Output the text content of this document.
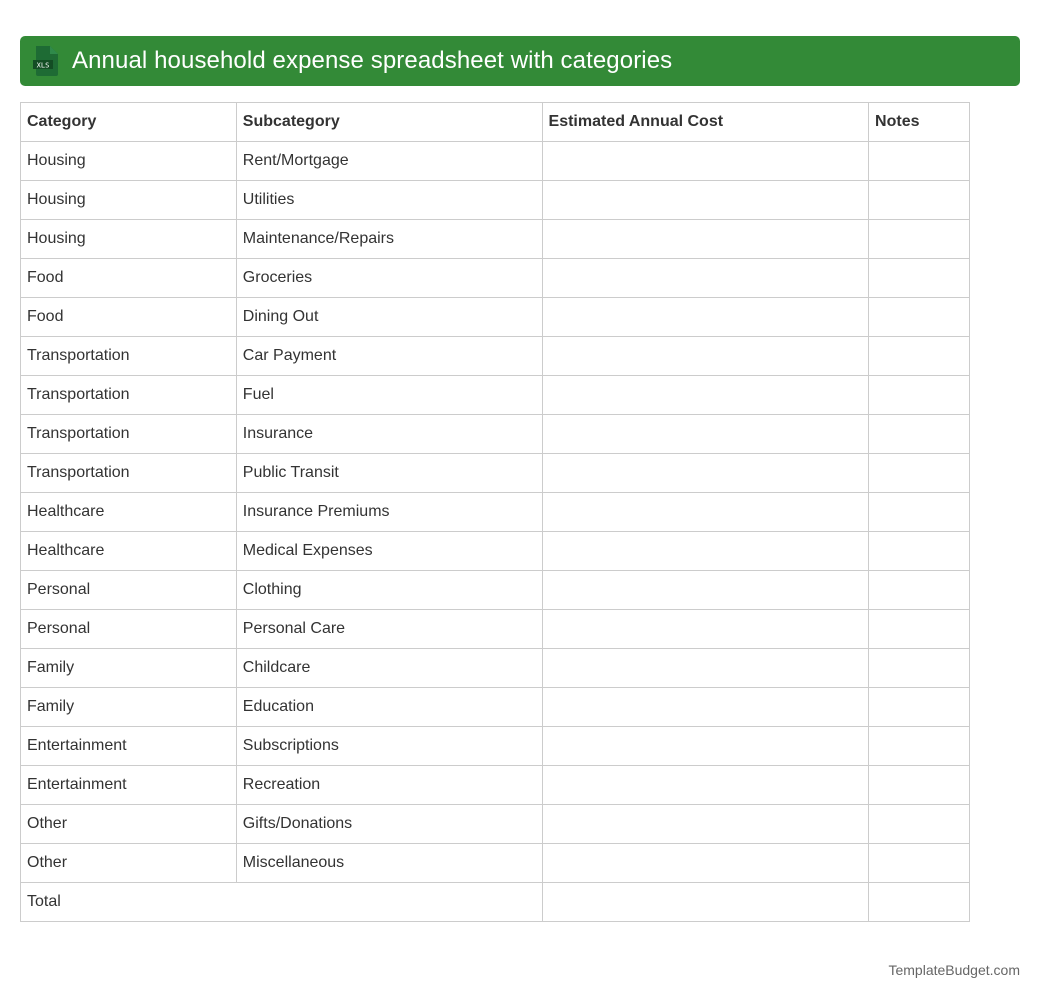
XLS Annual household expense spreadsheet with categories
Category	Subcategory	Estimated Annual Cost	Notes
Housing	Rent/Mortgage		
Housing	Utilities		
Housing	Maintenance/Repairs		
Food	Groceries		
Food	Dining Out		
Transportation	Car Payment		
Transportation	Fuel		
Transportation	Insurance		
Transportation	Public Transit		
Healthcare	Insurance Premiums		
Healthcare	Medical Expenses		
Personal	Clothing		
Personal	Personal Care		
Family	Childcare		
Family	Education		
Entertainment	Subscriptions		
Entertainment	Recreation		
Other	Gifts/Donations		
Other	Miscellaneous		
Total			
TemplateBudget.com
